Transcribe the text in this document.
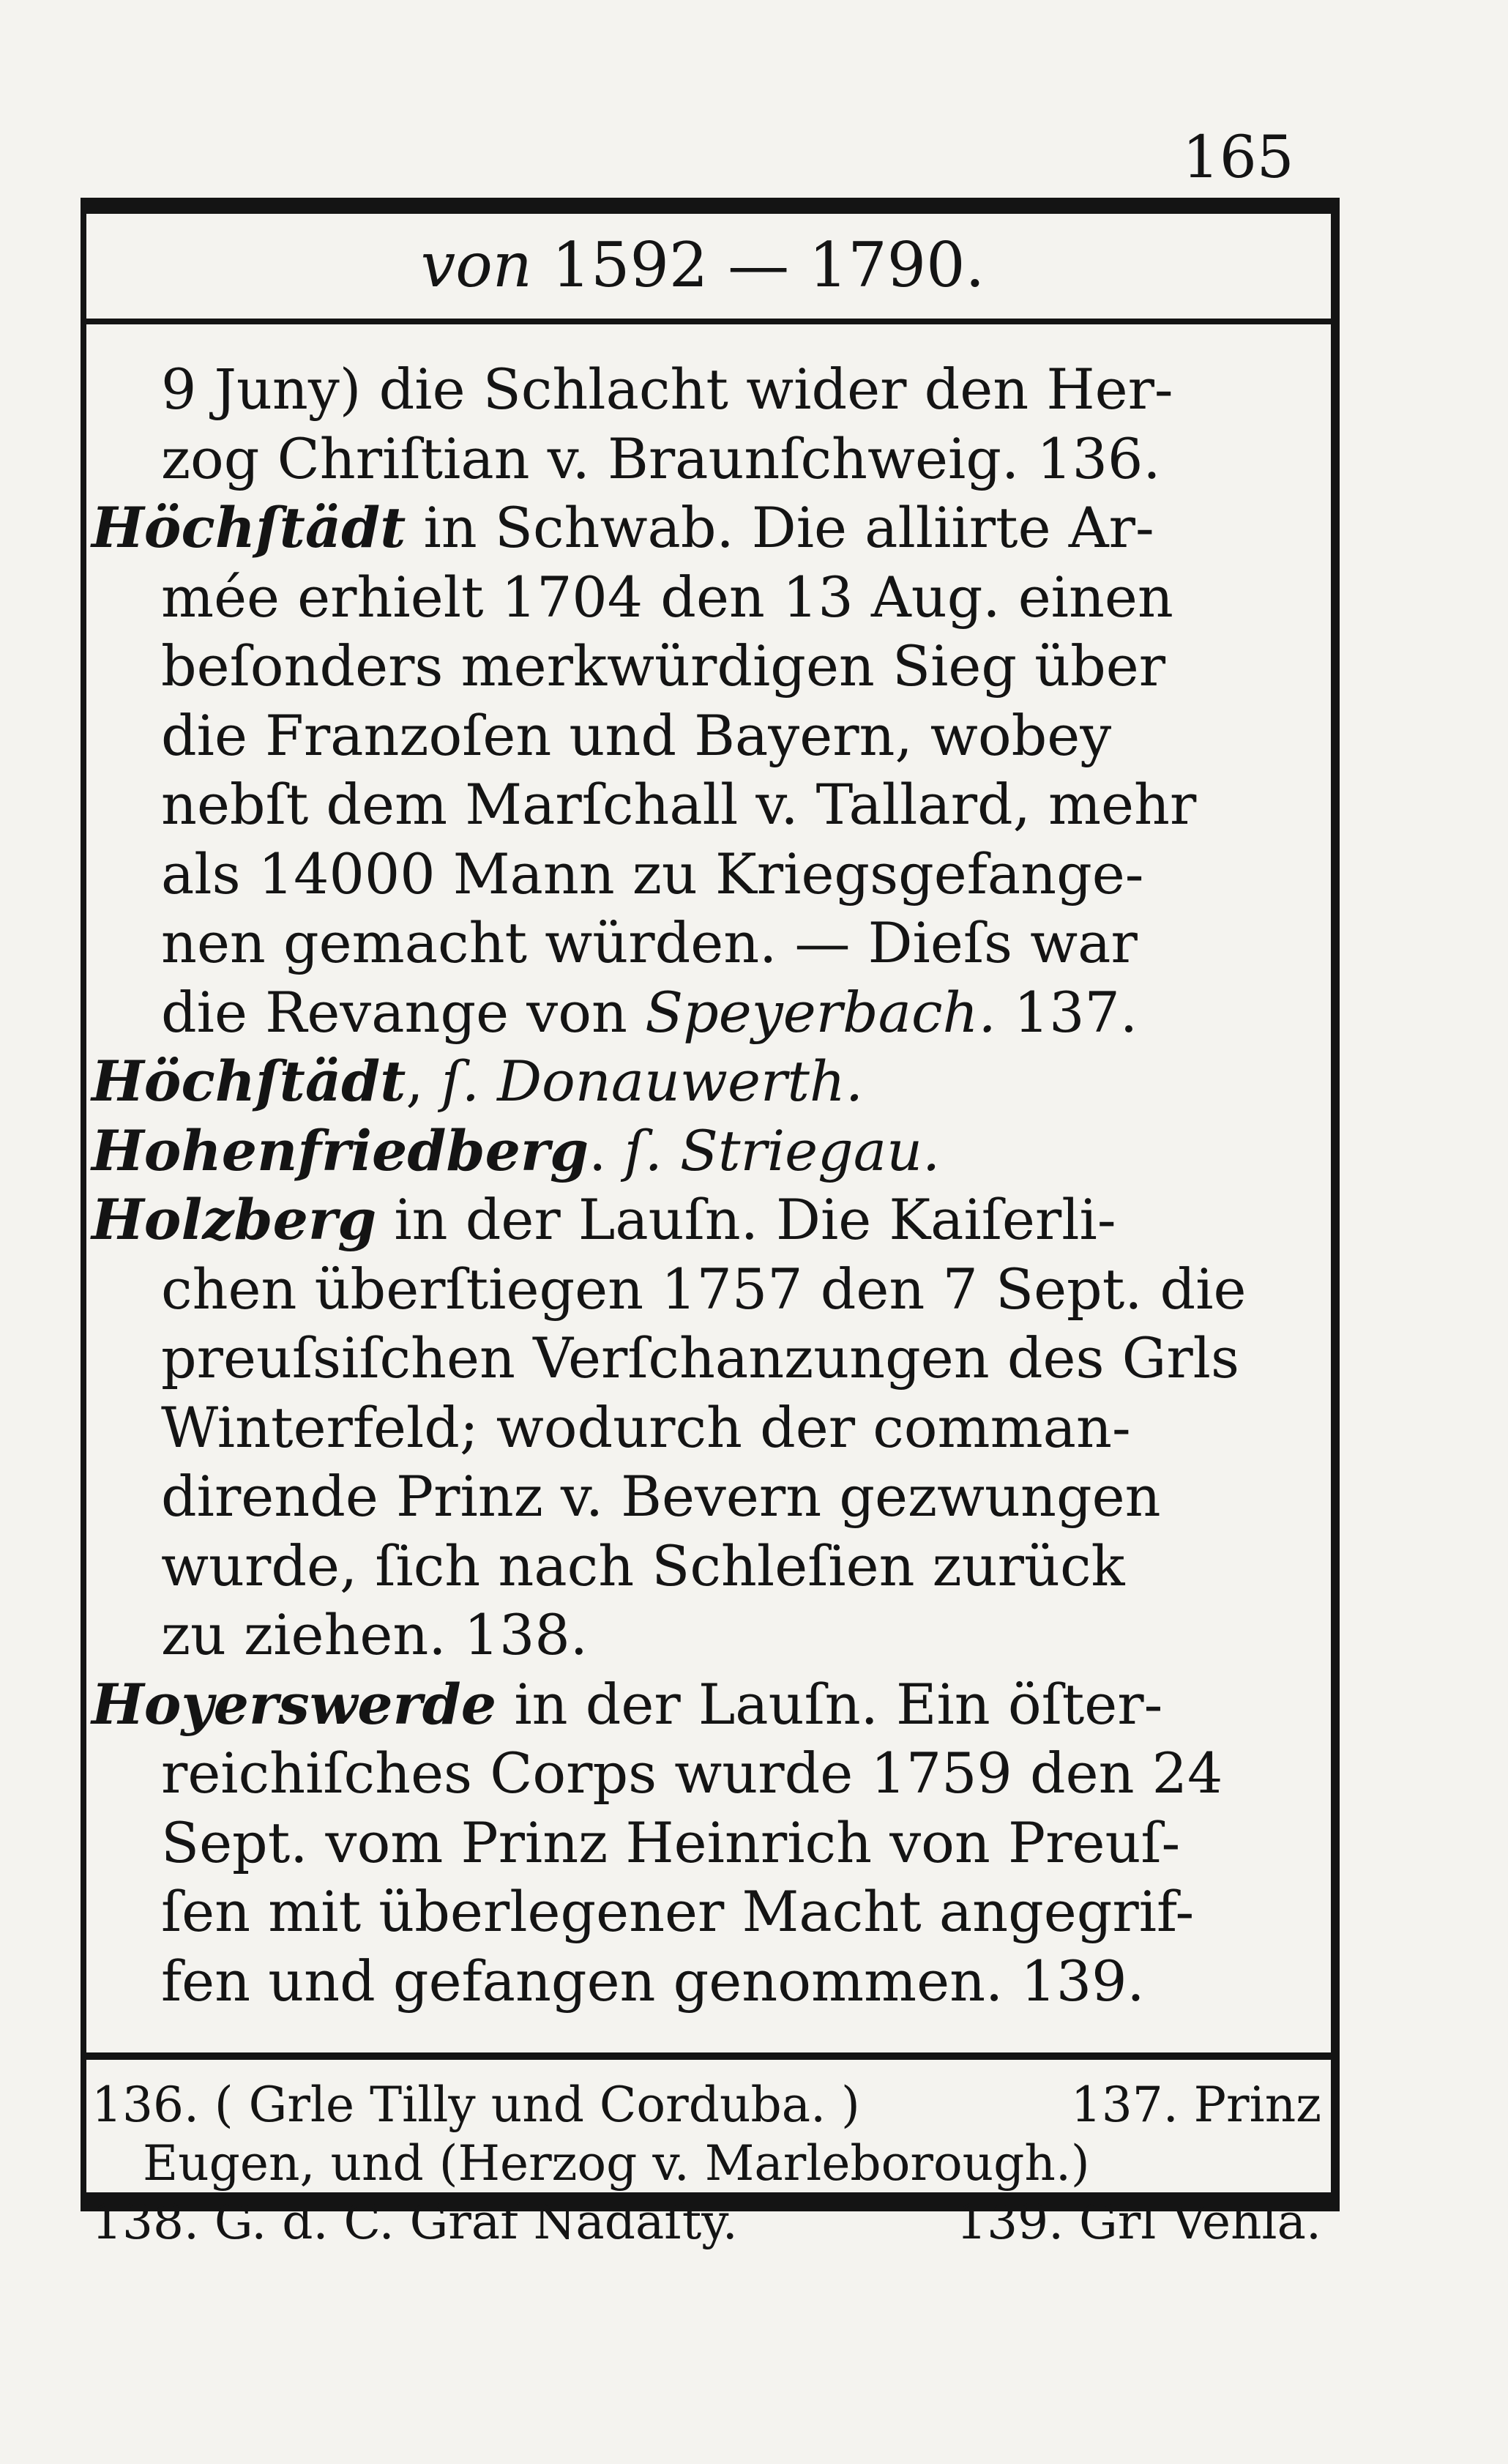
165
von 1592 — 1790.
9 Juny) die Schlacht wider den Her-
zog Chriſtian v. Braunſchweig. 136.
Höchſtädt in Schwab. Die alliirte Ar-
mée erhielt 1704 den 13 Aug. einen
beſonders merkwürdigen Sieg über
die Franzoſen und Bayern, wobey
nebſt dem Marſchall v. Tallard, mehr
als 14000 Mann zu Kriegsgefange-
nen gemacht würden. — Dieſs war
die Revange von Speyerbach. 137.
Höchſtädt, ſ. Donauwerth.
Hohenfriedberg. ſ. Striegau.
Holzberg in der Lauſn. Die Kaiſerli-
chen überſtiegen 1757 den 7 Sept. die
preuſsiſchen Verſchanzungen des Grls
Winterfeld; wodurch der comman-
dirende Prinz v. Bevern gezwungen
wurde, ſich nach Schleſien zurück
zu ziehen. 138.
Hoyerswerde in der Lauſn. Ein öſter-
reichiſches Corps wurde 1759 den 24
Sept. vom Prinz Heinrich von Preuſ-
ſen mit überlegener Macht angegrif-
fen und gefangen genommen. 139.
136. ( Grle Tilly und Corduba. )	137. Prinz
Eugen, und (Herzog v. Marleborough.)
138. G. d. C. Graf Nadaſty.	139. Grl Vehla.
